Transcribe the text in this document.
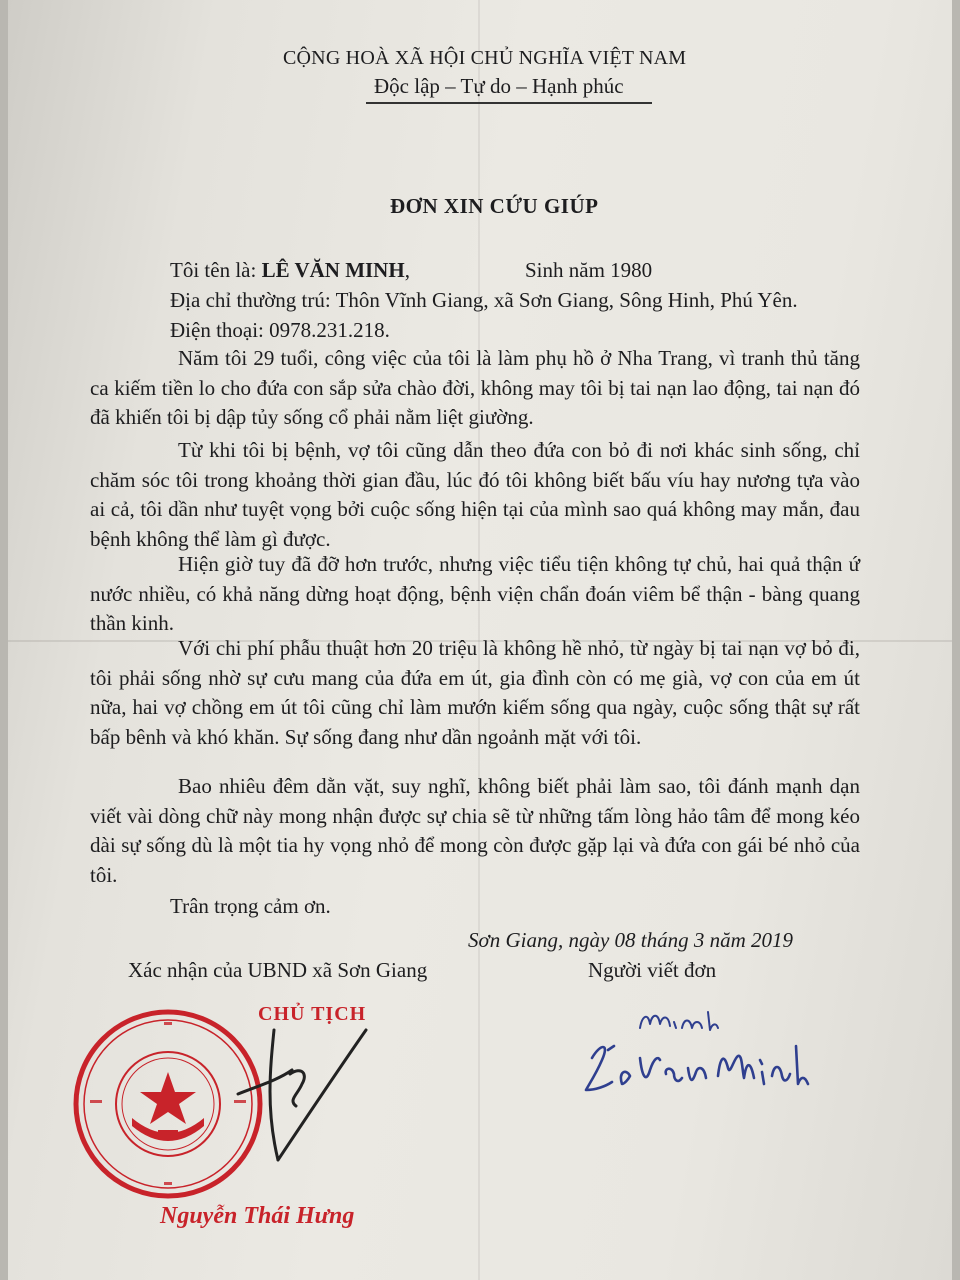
CỘNG HOÀ XÃ HỘI CHỦ NGHĨA VIỆT NAM
Độc lập – Tự do – Hạnh phúc
ĐƠN XIN CỨU GIÚP
Tôi tên là: LÊ VĂN MINH,	Sinh năm 1980
Địa chỉ thường trú: Thôn Vĩnh Giang, xã Sơn Giang, Sông Hinh, Phú Yên.
Điện thoại: 0978.231.218.
Năm tôi 29 tuổi, công việc của tôi là làm phụ hồ ở Nha Trang, vì tranh thủ tăng ca kiếm tiền lo cho đứa con sắp sửa chào đời, không may tôi bị tai nạn lao động, tai nạn đó đã khiến tôi bị dập tủy sống cổ phải nằm liệt giường.
Từ khi tôi bị bệnh, vợ tôi cũng dẫn theo đứa con bỏ đi nơi khác sinh sống, chỉ chăm sóc tôi trong khoảng thời gian đầu, lúc đó tôi không biết bấu víu hay nương tựa vào ai cả, tôi dần như tuyệt vọng bởi cuộc sống hiện tại của mình sao quá không may mắn, đau bệnh không thể làm gì được.
Hiện giờ tuy đã đỡ hơn trước, nhưng việc tiểu tiện không tự chủ, hai quả thận ứ nước nhiều, có khả năng dừng hoạt động, bệnh viện chẩn đoán viêm bể thận - bàng quang thần kinh.
Với chi phí phẫu thuật hơn 20 triệu là không hề nhỏ, từ ngày bị tai nạn vợ bỏ đi, tôi phải sống nhờ sự cưu mang của đứa em út, gia đình còn có mẹ già, vợ con của em út nữa, hai vợ chồng em út tôi cũng chỉ làm mướn kiếm sống qua ngày, cuộc sống thật sự rất bấp bênh và khó khăn. Sự sống đang như dần ngoảnh mặt với tôi.
Bao nhiêu đêm dằn vặt, suy nghĩ, không biết phải làm sao, tôi đánh mạnh dạn viết vài dòng chữ này mong nhận được sự chia sẽ từ những tấm lòng hảo tâm để mong kéo dài sự sống dù là một tia hy vọng nhỏ để mong còn được gặp lại và đứa con gái bé nhỏ của tôi.
Trân trọng cảm ơn.
Sơn Giang, ngày 08 tháng 3 năm 2019
Xác nhận của UBND xã Sơn Giang	Người viết đơn
CHỦ TỊCH
Nguyễn Thái Hưng
